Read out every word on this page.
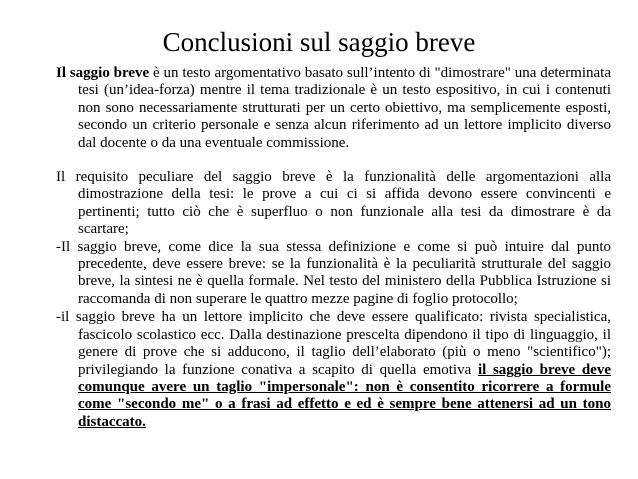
Conclusioni sul saggio breve

Il saggio breve è un testo argomentativo basato sull’intento di "dimostrare" una determinata tesi (un’idea-forza) mentre il tema tradizionale è un testo espositivo, in cui i contenuti non sono necessariamente strutturati per un certo obiettivo, ma semplicemente esposti, secondo un criterio personale e senza alcun riferimento ad un lettore implicito diverso dal docente o da una eventuale commissione.

Il requisito peculiare del saggio breve è la funzionalità delle argomentazioni alla dimostrazione della tesi: le prove a cui ci si affida devono essere convincenti e pertinenti; tutto ciò che è superfluo o non funzionale alla tesi da dimostrare è da scartare;
-Il saggio breve, come dice la sua stessa definizione e come si può intuire dal punto precedente, deve essere breve: se la funzionalità è la peculiarità strutturale del saggio breve, la sintesi ne è quella formale. Nel testo del ministero della Pubblica Istruzione si raccomanda di non superare le quattro mezze pagine di foglio protocollo;

-il saggio breve ha un lettore implicito che deve essere qualificato: rivista specialistica, fascicolo scolastico ecc. Dalla destinazione prescelta dipendono il tipo di linguaggio, il genere di prove che si adducono, il taglio dell’elaborato (più o meno "scientifico"); privilegiando la funzione conativa a scapito di quella emotiva il saggio breve deve comunque avere un taglio "impersonale": non è consentito ricorrere a formule come "secondo me" o a frasi ad effetto e ed è sempre bene attenersi ad un tono distaccato.
